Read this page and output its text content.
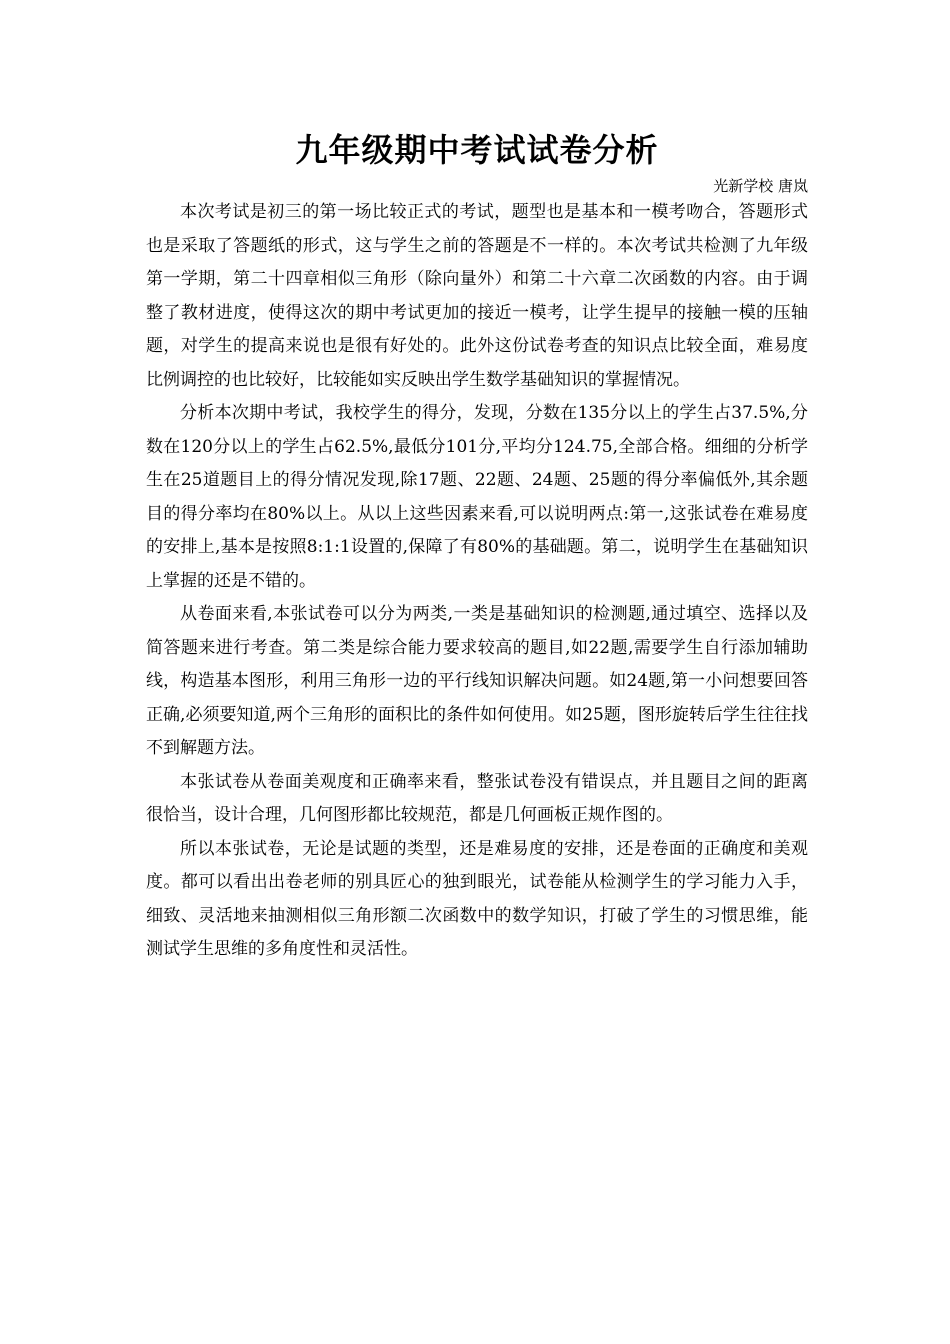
九年级期中考试试卷分析
光新学校 唐岚

本次考试是初三的第一场比较正式的考试，题型也是基本和一模考吻合，答题形式也是采取了答题纸的形式，这与学生之前的答题是不一样的。本次考试共检测了九年级第一学期，第二十四章相似三角形（除向量外）和第二十六章二次函数的内容。由于调整了教材进度，使得这次的期中考试更加的接近一模考，让学生提早的接触一模的压轴题，对学生的提高来说也是很有好处的。此外这份试卷考查的知识点比较全面，难易度比例调控的也比较好，比较能如实反映出学生数学基础知识的掌握情况。

分析本次期中考试，我校学生的得分，发现，分数在135分以上的学生占37.5%,分数在120分以上的学生占62.5%,最低分101分,平均分124.75,全部合格。细细的分析学生在25道题目上的得分情况发现,除17题、22题、24题、25题的得分率偏低外,其余题目的得分率均在80%以上。从以上这些因素来看,可以说明两点:第一,这张试卷在难易度的安排上,基本是按照8:1:1设置的,保障了有80%的基础题。第二，说明学生在基础知识上掌握的还是不错的。

从卷面来看,本张试卷可以分为两类,一类是基础知识的检测题,通过填空、选择以及简答题来进行考查。第二类是综合能力要求较高的题目,如22题,需要学生自行添加辅助线，构造基本图形，利用三角形一边的平行线知识解决问题。如24题,第一小问想要回答正确,必须要知道,两个三角形的面积比的条件如何使用。如25题，图形旋转后学生往往找不到解题方法。

本张试卷从卷面美观度和正确率来看，整张试卷没有错误点，并且题目之间的距离很恰当，设计合理，几何图形都比较规范，都是几何画板正规作图的。

所以本张试卷，无论是试题的类型，还是难易度的安排，还是卷面的正确度和美观度。都可以看出出卷老师的别具匠心的独到眼光，试卷能从检测学生的学习能力入手，细致、灵活地来抽测相似三角形额二次函数中的数学知识，打破了学生的习惯思维，能测试学生思维的多角度性和灵活性。
